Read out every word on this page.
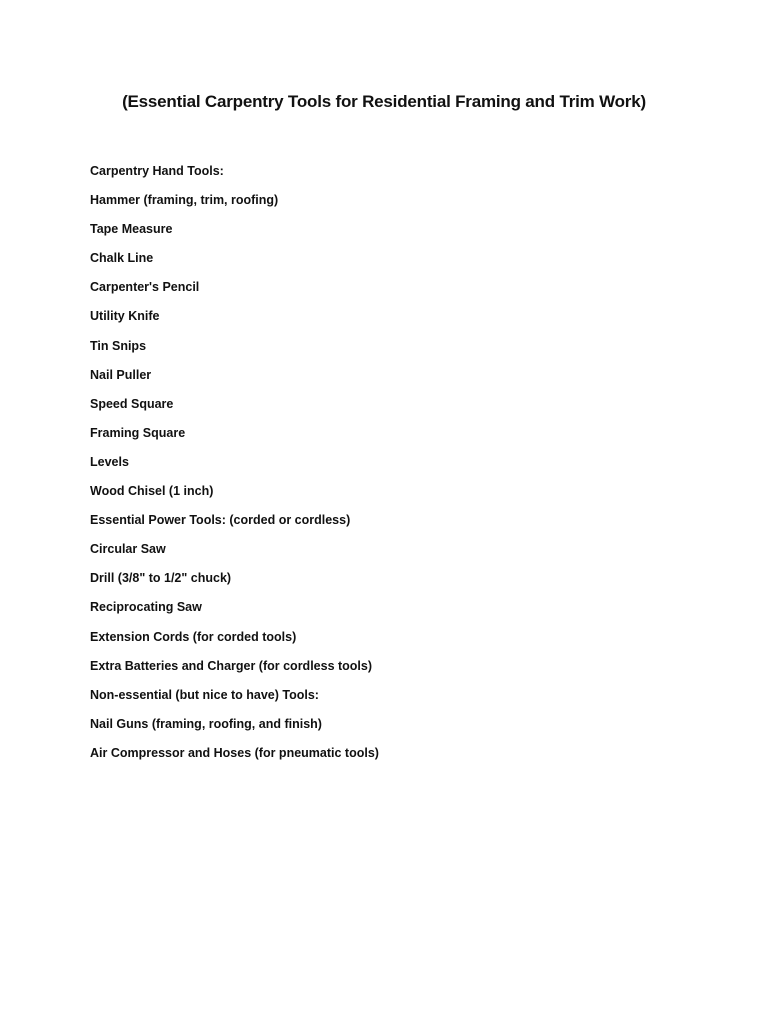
(Essential Carpentry Tools for Residential Framing and Trim Work)
Carpentry Hand Tools:
Hammer (framing, trim, roofing)
Tape Measure
Chalk Line
Carpenter's Pencil
Utility Knife
Tin Snips
Nail Puller
Speed Square
Framing Square
Levels
Wood Chisel (1 inch)
Essential Power Tools: (corded or cordless)
Circular Saw
Drill (3/8" to 1/2" chuck)
Reciprocating Saw
Extension Cords (for corded tools)
Extra Batteries and Charger (for cordless tools)
Non-essential (but nice to have) Tools:
Nail Guns (framing, roofing, and finish)
Air Compressor and Hoses (for pneumatic tools)
